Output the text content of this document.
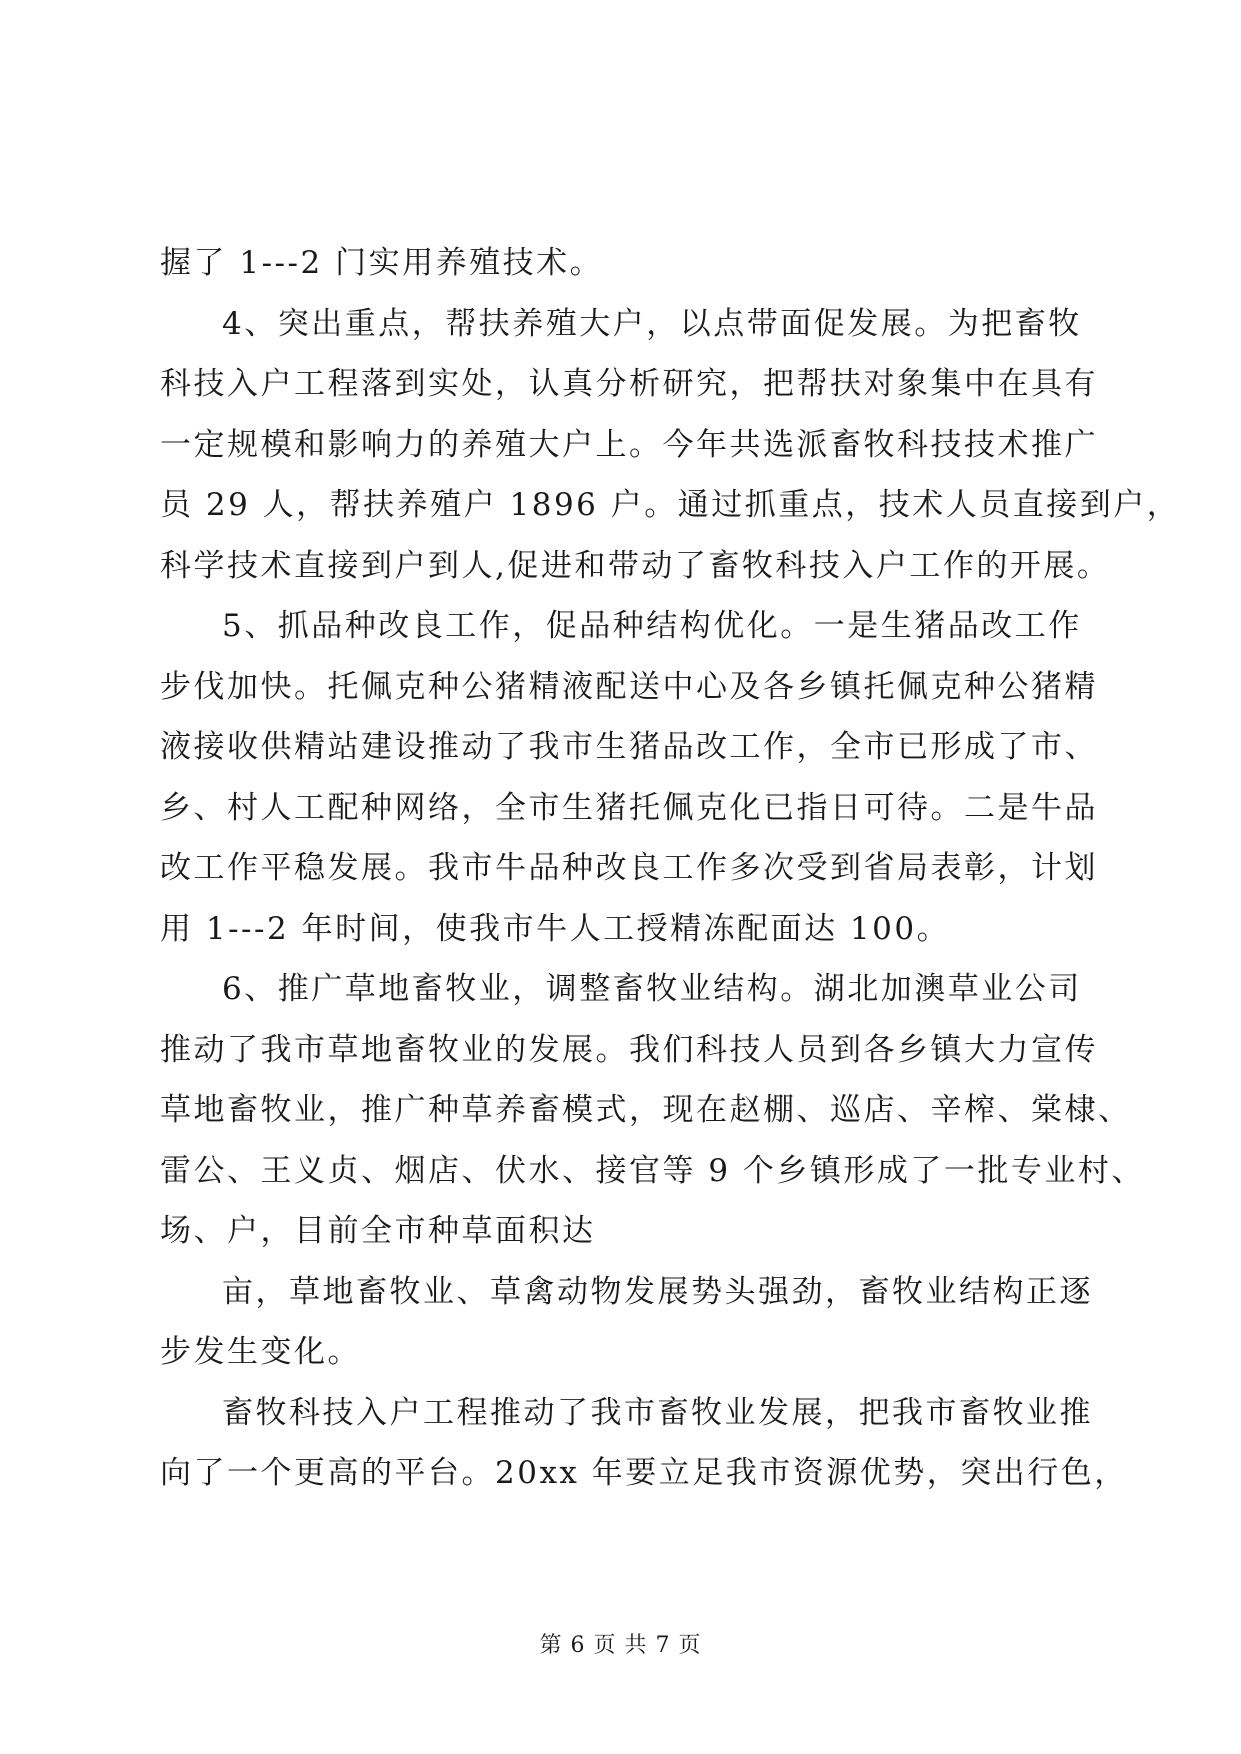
握了 1---2 门实用养殖技术。
4、突出重点，帮扶养殖大户，以点带面促发展。为把畜牧
科技入户工程落到实处，认真分析研究，把帮扶对象集中在具有
一定规模和影响力的养殖大户上。今年共选派畜牧科技技术推广
员 29 人，帮扶养殖户 1896 户。通过抓重点，技术人员直接到户，
科学技术直接到户到人,促进和带动了畜牧科技入户工作的开展。
5、抓品种改良工作，促品种结构优化。一是生猪品改工作
步伐加快。托佩克种公猪精液配送中心及各乡镇托佩克种公猪精
液接收供精站建设推动了我市生猪品改工作，全市已形成了市、
乡、村人工配种网络，全市生猪托佩克化已指日可待。二是牛品
改工作平稳发展。我市牛品种改良工作多次受到省局表彰，计划
用 1---2 年时间，使我市牛人工授精冻配面达 100。
6、推广草地畜牧业，调整畜牧业结构。湖北加澳草业公司
推动了我市草地畜牧业的发展。我们科技人员到各乡镇大力宣传
草地畜牧业，推广种草养畜模式，现在赵棚、巡店、辛榨、棠棣、
雷公、王义贞、烟店、伏水、接官等 9 个乡镇形成了一批专业村、
场、户，目前全市种草面积达
亩，草地畜牧业、草禽动物发展势头强劲，畜牧业结构正逐
步发生变化。
畜牧科技入户工程推动了我市畜牧业发展，把我市畜牧业推
向了一个更高的平台。20xx 年要立足我市资源优势，突出行色，
第 6 页 共 7 页
